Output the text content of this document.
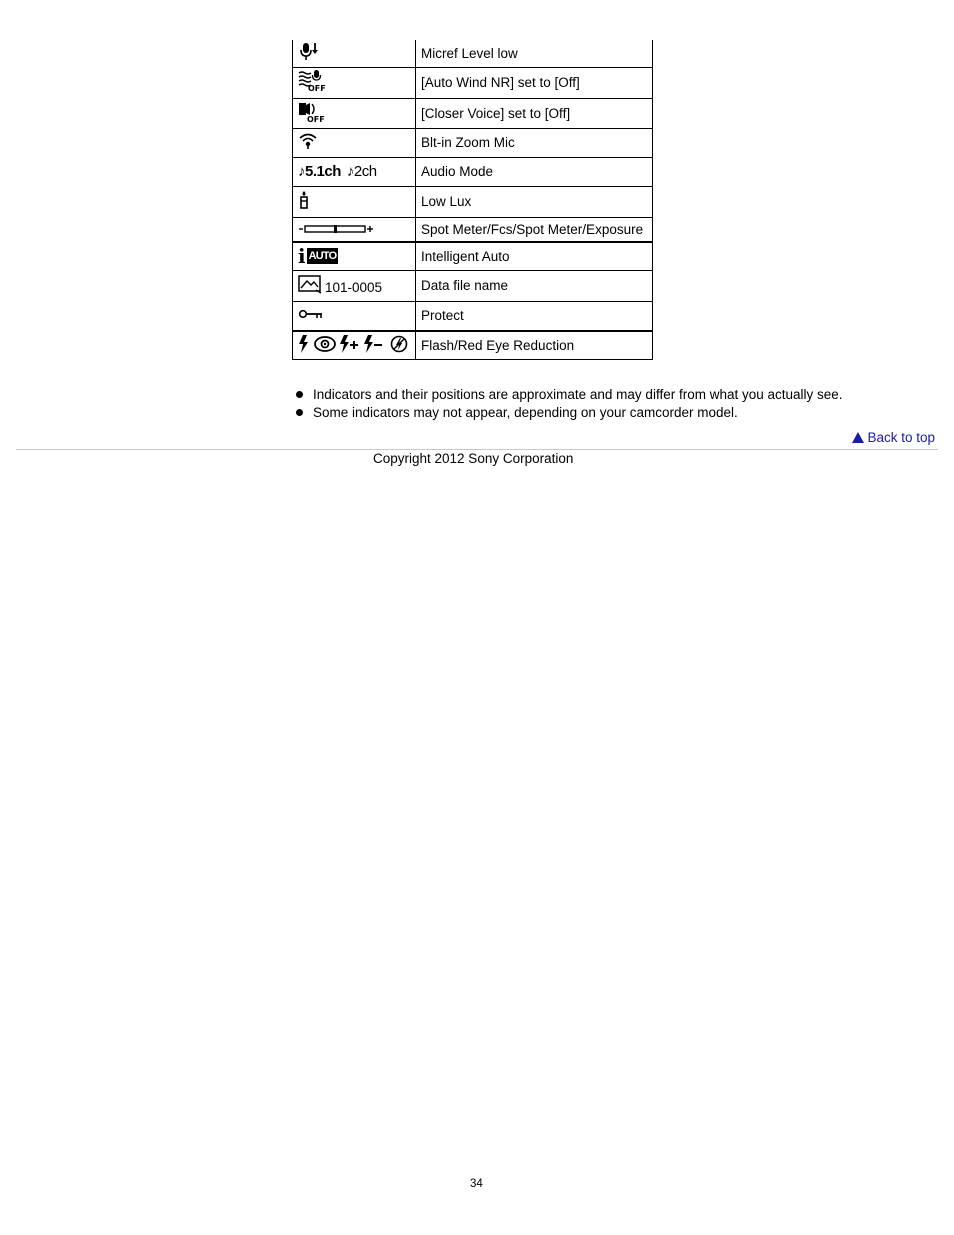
	Micref Level low

OFF	[Auto Wind NR] set to [Off]

OFF	[Closer Voice] set to [Off]

	Blt-in Zoom Mic

♪5.1ch ♪2ch	Audio Mode

	Low Lux

	Spot Meter/Fcs/Spot Meter/Exposure

i AUTO	Intelligent Auto

101-0005	Data file name

	Protect

	Flash/Red Eye Reduction
Indicators and their positions are approximate and may differ from what you actually see.
Some indicators may not appear, depending on your camcorder model.
Back to top
Copyright 2012 Sony Corporation
34
